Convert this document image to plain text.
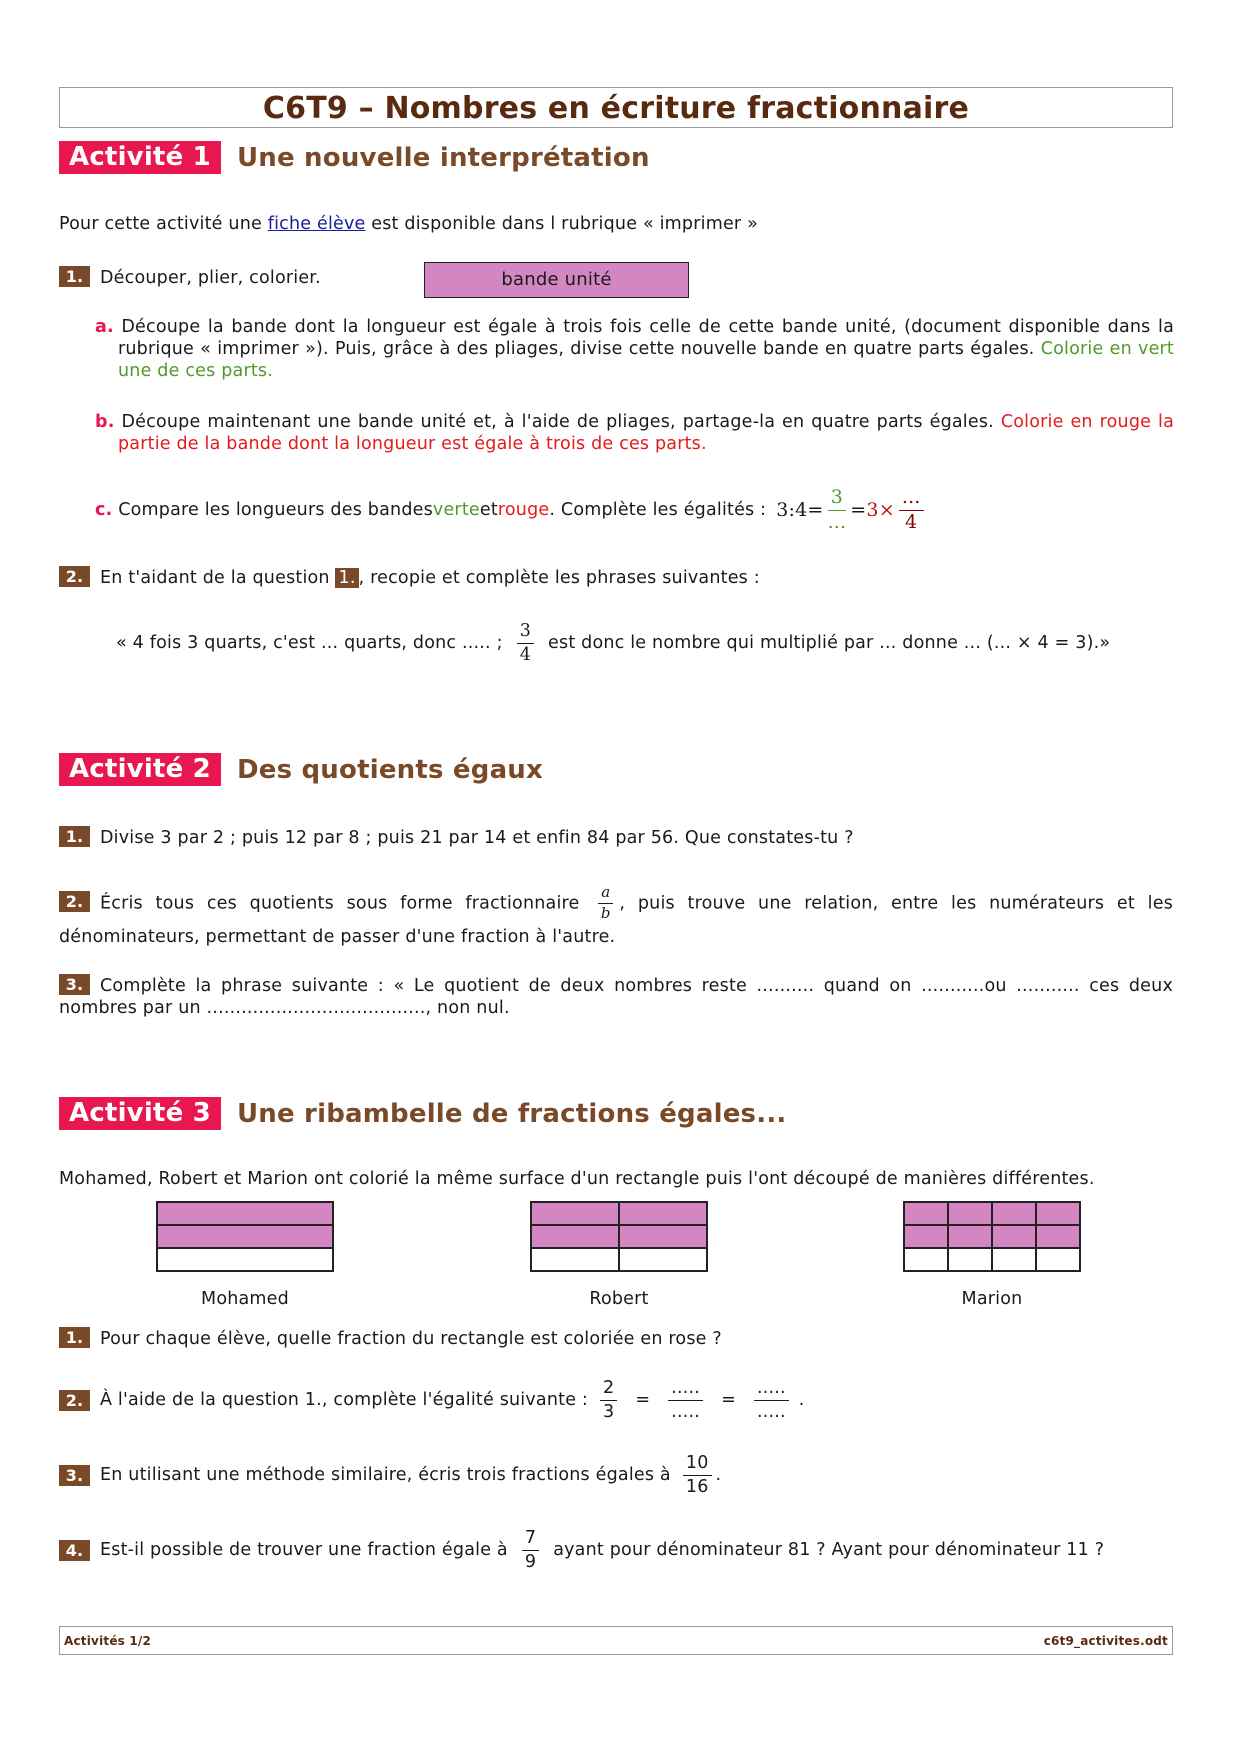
C6T9 – Nombres en écriture fractionnaire
Activité 1	Une nouvelle interprétation
Pour cette activité une fiche élève est disponible dans l rubrique « imprimer »
1. Découper, plier, colorier.	bande unité
a. Découpe la bande dont la longueur est égale à trois fois celle de cette bande unité, (document disponible dans la rubrique « imprimer »). Puis, grâce à des pliages, divise cette nouvelle bande en quatre parts égales. Colorie en vert une de ces parts.
b. Découpe maintenant une bande unité et, à l'aide de pliages, partage-la en quatre parts égales. Colorie en rouge la partie de la bande dont la longueur est égale à trois de ces parts.
c.
Compare les longueurs des bandes verte et rouge . Complète les égalités : 3:4= $\frac{3}{...} = 3\times \frac{...}{4}$
2. En t'aidant de la question 1. , recopie et complète les phrases suivantes :
« 4 fois 3 quarts, c'est ... quarts, donc ..... ; $\frac{3}{4}$ est donc le nombre qui multiplié par ... donne ... (... × 4 = 3).»
Activité 2	Des quotients égaux
1. Divise 3 par 2 ; puis 12 par 8 ; puis 21 par 14 et enfin 84 par 56. Que constates-tu ?
2. Écris tous ces quotients sous forme fractionnaire $\frac{a}{b}$ , puis trouve une relation, entre les numérateurs et les dénominateurs, permettant de passer d'une fraction à l'autre.
3. Complète la phrase suivante : « Le quotient de deux nombres reste .......... quand on ...........ou ........... ces deux nombres par un ......................................, non nul.
Activité 3	Une ribambelle de fractions égales...
Mohamed, Robert et Marion ont colorié la même surface d'un rectangle puis l'ont découpé de manières différentes.
Mohamed	Robert	Marion
1. Pour chaque élève, quelle fraction du rectangle est coloriée en rose ?
2. À l'aide de la question 1., complète l'égalité suivante : $\frac{2}{3} = \frac{.....}{.....} = \frac{.....}{.....}$ .
3. En utilisant une méthode similaire, écris trois fractions égales à $\frac{10}{16}$ .
4. Est-il possible de trouver une fraction égale à $\frac{7}{9}$ ayant pour dénominateur 81 ? Ayant pour dénominateur 11 ?
Activités 1/2	c6t9_activites.odt
